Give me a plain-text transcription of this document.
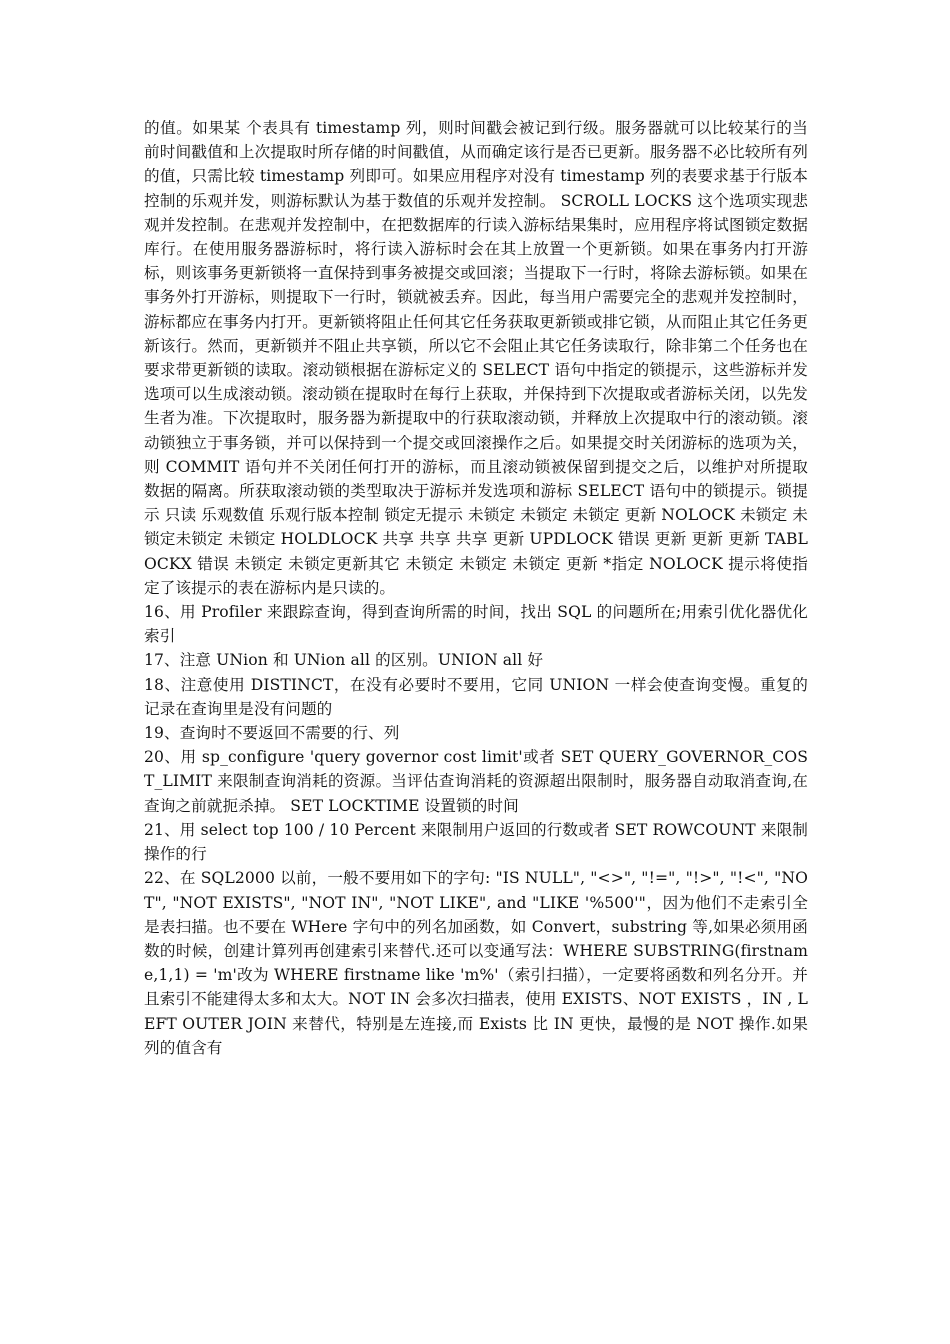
的值。如果某 个表具有 timestamp 列，则时间戳会被记到行级。服务器就可以比较某行的当前时间戳值和上次提取时所存储的时间戳值，从而确定该行是否已更新。服务器不必比较所有列的值，只需比较 timestamp 列即可。如果应用程序对没有 timestamp 列的表要求基于行版本控制的乐观并发，则游标默认为基于数值的乐观并发控制。 SCROLL LOCKS 这个选项实现悲观并发控制。在悲观并发控制中，在把数据库的行读入游标结果集时，应用程序将试图锁定数据库行。在使用服务器游标时，将行读入游标时会在其上放置一个更新锁。如果在事务内打开游标，则该事务更新锁将一直保持到事务被提交或回滚；当提取下一行时，将除去游标锁。如果在事务外打开游标，则提取下一行时，锁就被丢弃。因此，每当用户需要完全的悲观并发控制时，游标都应在事务内打开。更新锁将阻止任何其它任务获取更新锁或排它锁，从而阻止其它任务更新该行。然而，更新锁并不阻止共享锁，所以它不会阻止其它任务读取行，除非第二个任务也在要求带更新锁的读取。滚动锁根据在游标定义的 SELECT 语句中指定的锁提示，这些游标并发选项可以生成滚动锁。滚动锁在提取时在每行上获取，并保持到下次提取或者游标关闭，以先发生者为准。下次提取时，服务器为新提取中的行获取滚动锁，并释放上次提取中行的滚动锁。滚动锁独立于事务锁，并可以保持到一个提交或回滚操作之后。如果提交时关闭游标的选项为关，则 COMMIT 语句并不关闭任何打开的游标，而且滚动锁被保留到提交之后，以维护对所提取数据的隔离。所获取滚动锁的类型取决于游标并发选项和游标 SELECT 语句中的锁提示。锁提示 只读 乐观数值 乐观行版本控制 锁定无提示 未锁定 未锁定 未锁定 更新 NOLOCK 未锁定 未锁定未锁定 未锁定 HOLDLOCK 共享 共享 共享 更新 UPDLOCK 错误 更新 更新 更新 TABLOCKX 错误 未锁定 未锁定更新其它 未锁定 未锁定 未锁定 更新 *指定 NOLOCK 提示将使指定了该提示的表在游标内是只读的。

16、用 Profiler 来跟踪查询，得到查询所需的时间，找出 SQL 的问题所在;用索引优化器优化索引

17、注意 UNion 和 UNion all 的区别。UNION all 好

18、注意使用 DISTINCT，在没有必要时不要用，它同 UNION 一样会使查询变慢。重复的记录在查询里是没有问题的

19、查询时不要返回不需要的行、列

20、用 sp_configure 'query governor cost limit'或者 SET QUERY_GOVERNOR_COST_LIMIT 来限制查询消耗的资源。当评估查询消耗的资源超出限制时，服务器自动取消查询,在查询之前就扼杀掉。 SET LOCKTIME 设置锁的时间

21、用 select top 100 / 10 Percent 来限制用户返回的行数或者 SET ROWCOUNT 来限制操作的行

22、在 SQL2000 以前，一般不要用如下的字句: "IS NULL", "<>", "!=", "!>", "!<", "NOT", "NOT EXISTS", "NOT IN", "NOT LIKE", and "LIKE '%500'"，因为他们不走索引全是表扫描。也不要在 WHere 字句中的列名加函数，如 Convert，substring 等,如果必须用函数的时候，创建计算列再创建索引来替代.还可以变通写法：WHERE SUBSTRING(firstname,1,1) = 'm'改为 WHERE firstname like 'm%'（索引扫描），一定要将函数和列名分开。并且索引不能建得太多和太大。NOT IN 会多次扫描表，使用 EXISTS、NOT EXISTS ，IN , LEFT OUTER JOIN 来替代，特别是左连接,而 Exists 比 IN 更快，最慢的是 NOT 操作.如果列的值含有
